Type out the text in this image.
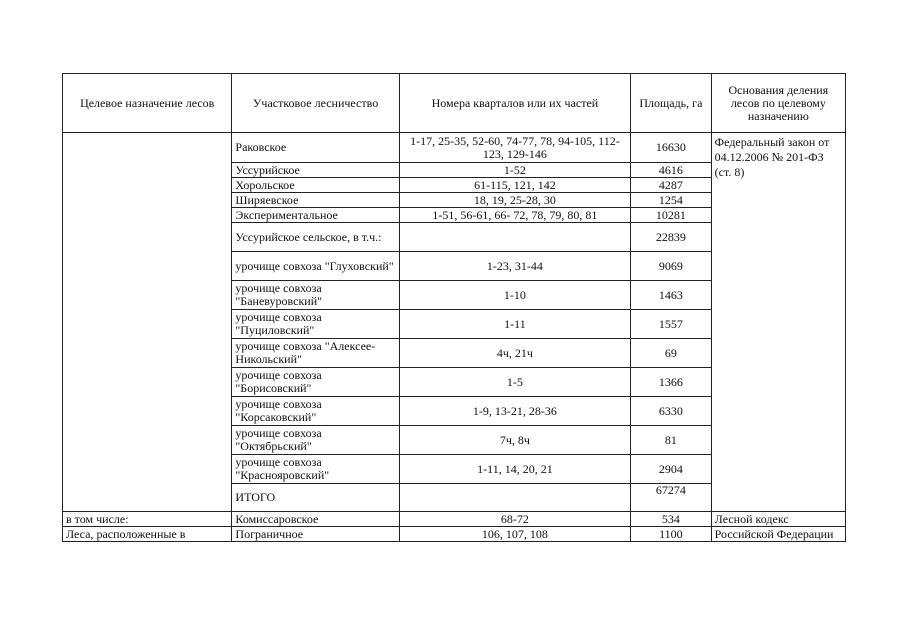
Целевое назначение лесов	Участковое лесничество	Номера кварталов или их частей	Площадь, га	Основания деления лесов по целевому назначению
	Раковское	1-17, 25-35, 52-60, 74-77, 78, 94-105, 112-123, 129-146	16630	Федеральный закон от 04.12.2006 № 201-ФЗ (ст. 8)
	Уссурийское	1-52	4616	
	Хорольское	61-115, 121, 142	4287	
	Ширяевское	18, 19, 25-28, 30	1254	
	Экспериментальное	1-51, 56-61, 66- 72, 78, 79, 80, 81	10281	
	Уссурийское сельское, в т.ч.:		22839	
	урочище совхоза "Глуховский"	1-23, 31-44	9069	
	урочище совхоза "Баневуровский"	1-10	1463	
	урочище совхоза "Пуциловский"	1-11	1557	
	урочище совхоза "Алексее-Никольский"	4ч, 21ч	69	
	урочище совхоза "Борисовский"	1-5	1366	
	урочище совхоза "Корсаковский"	1-9, 13-21, 28-36	6330	
	урочище совхоза "Октябрьский"	7ч, 8ч	81	
	урочище совхоза "Краснояровский"	1-11, 14, 20, 21	2904	
	ИТОГО		67274	
в том числе:	Комиссаровское	68-72	534	Лесной кодекс
Леса, расположенные в	Пограничное	106, 107, 108	1100	Российской Федерации
